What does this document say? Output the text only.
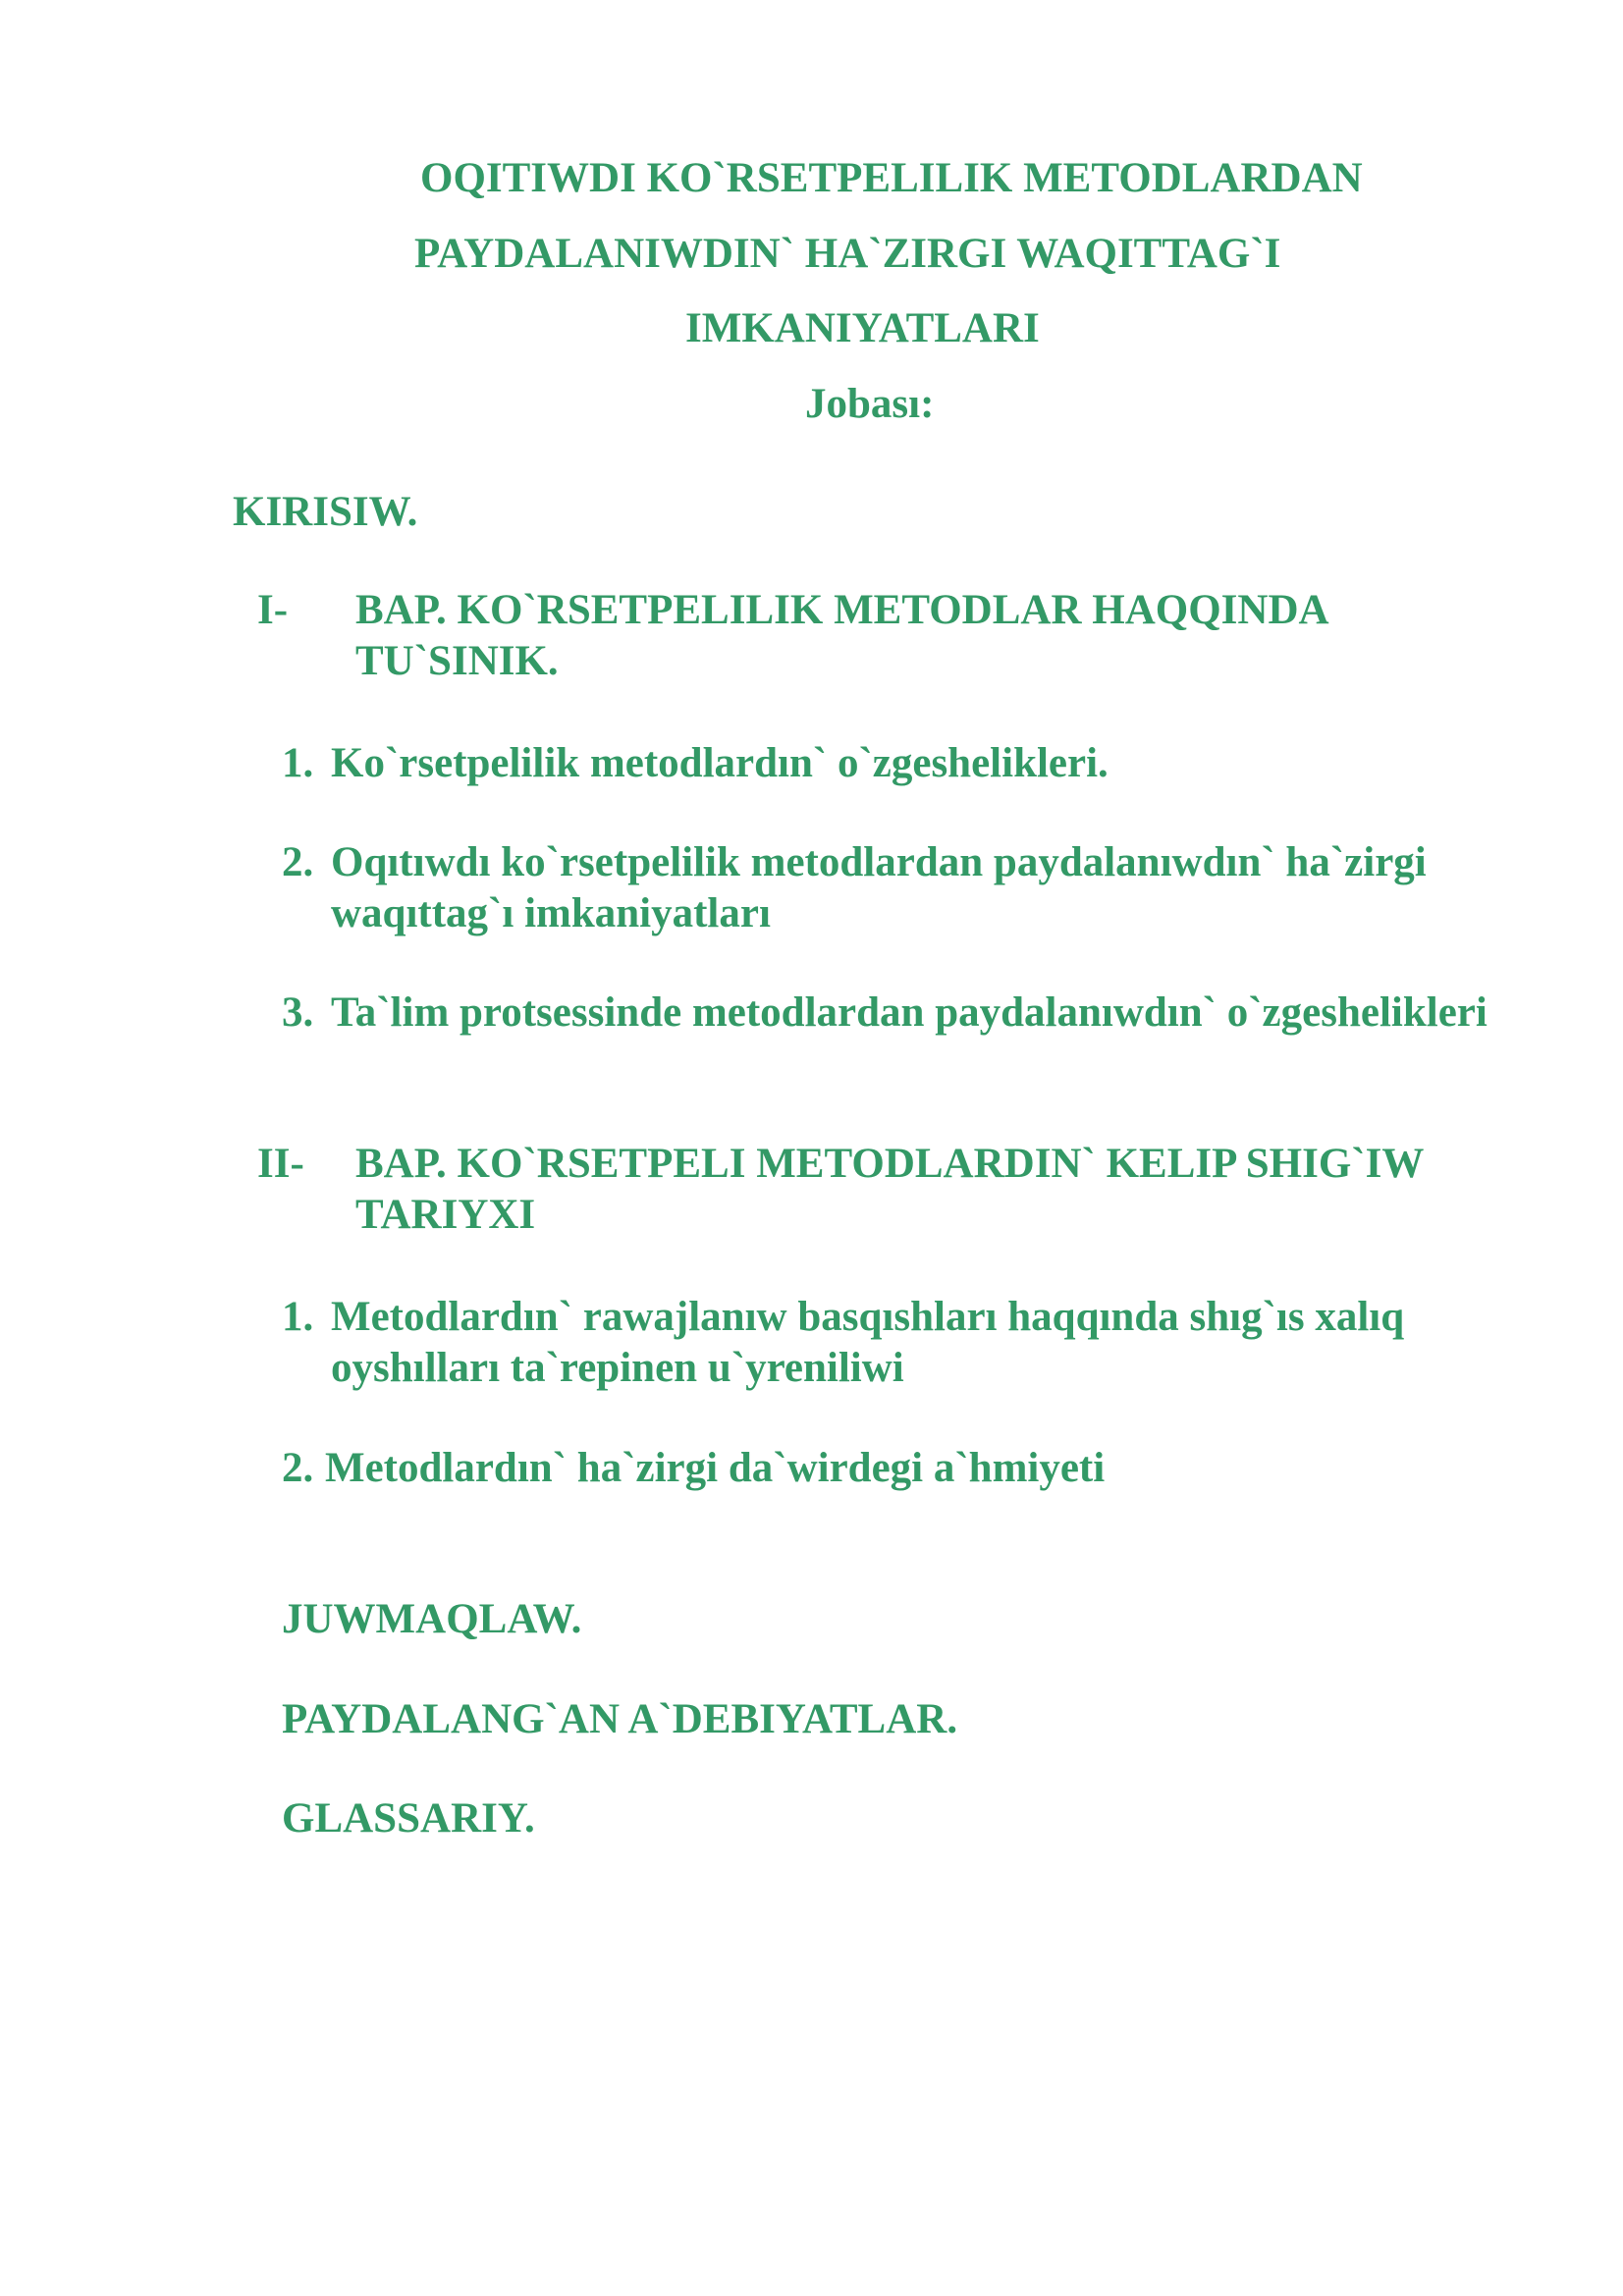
OQITIWDI KO`RSETPELILIK METODLARDAN
PAYDALANIWDIN` HA`ZIRGI WAQITTAG`I
IMKANIYATLARI
Jobası:
KIRISIW.
I- BAP. KO`RSETPELILIK METODLAR HAQQINDA TU`SINIK.
1. Ko`rsetpelilik metodlardın` o`zgeshelikleri.
2. Oqıtıwdı ko`rsetpelilik metodlardan paydalanıwdın` ha`zirgi waqıttag`ı imkaniyatları
3. Ta`lim protsessinde metodlardan paydalanıwdın` o`zgeshelikleri
II- BAP. KO`RSETPELI METODLARDIN` KELIP SHIG`IW TARIYXI
1. Metodlardın` rawajlanıw basqıshları haqqında shıg`ıs xalıq oyshılları ta`repinen u`yreniliwi
2. Metodlardın` ha`zirgi da`wirdegi a`hmiyeti
JUWMAQLAW.
PAYDALANG`AN A`DEBIYATLAR.
GLASSARIY.
